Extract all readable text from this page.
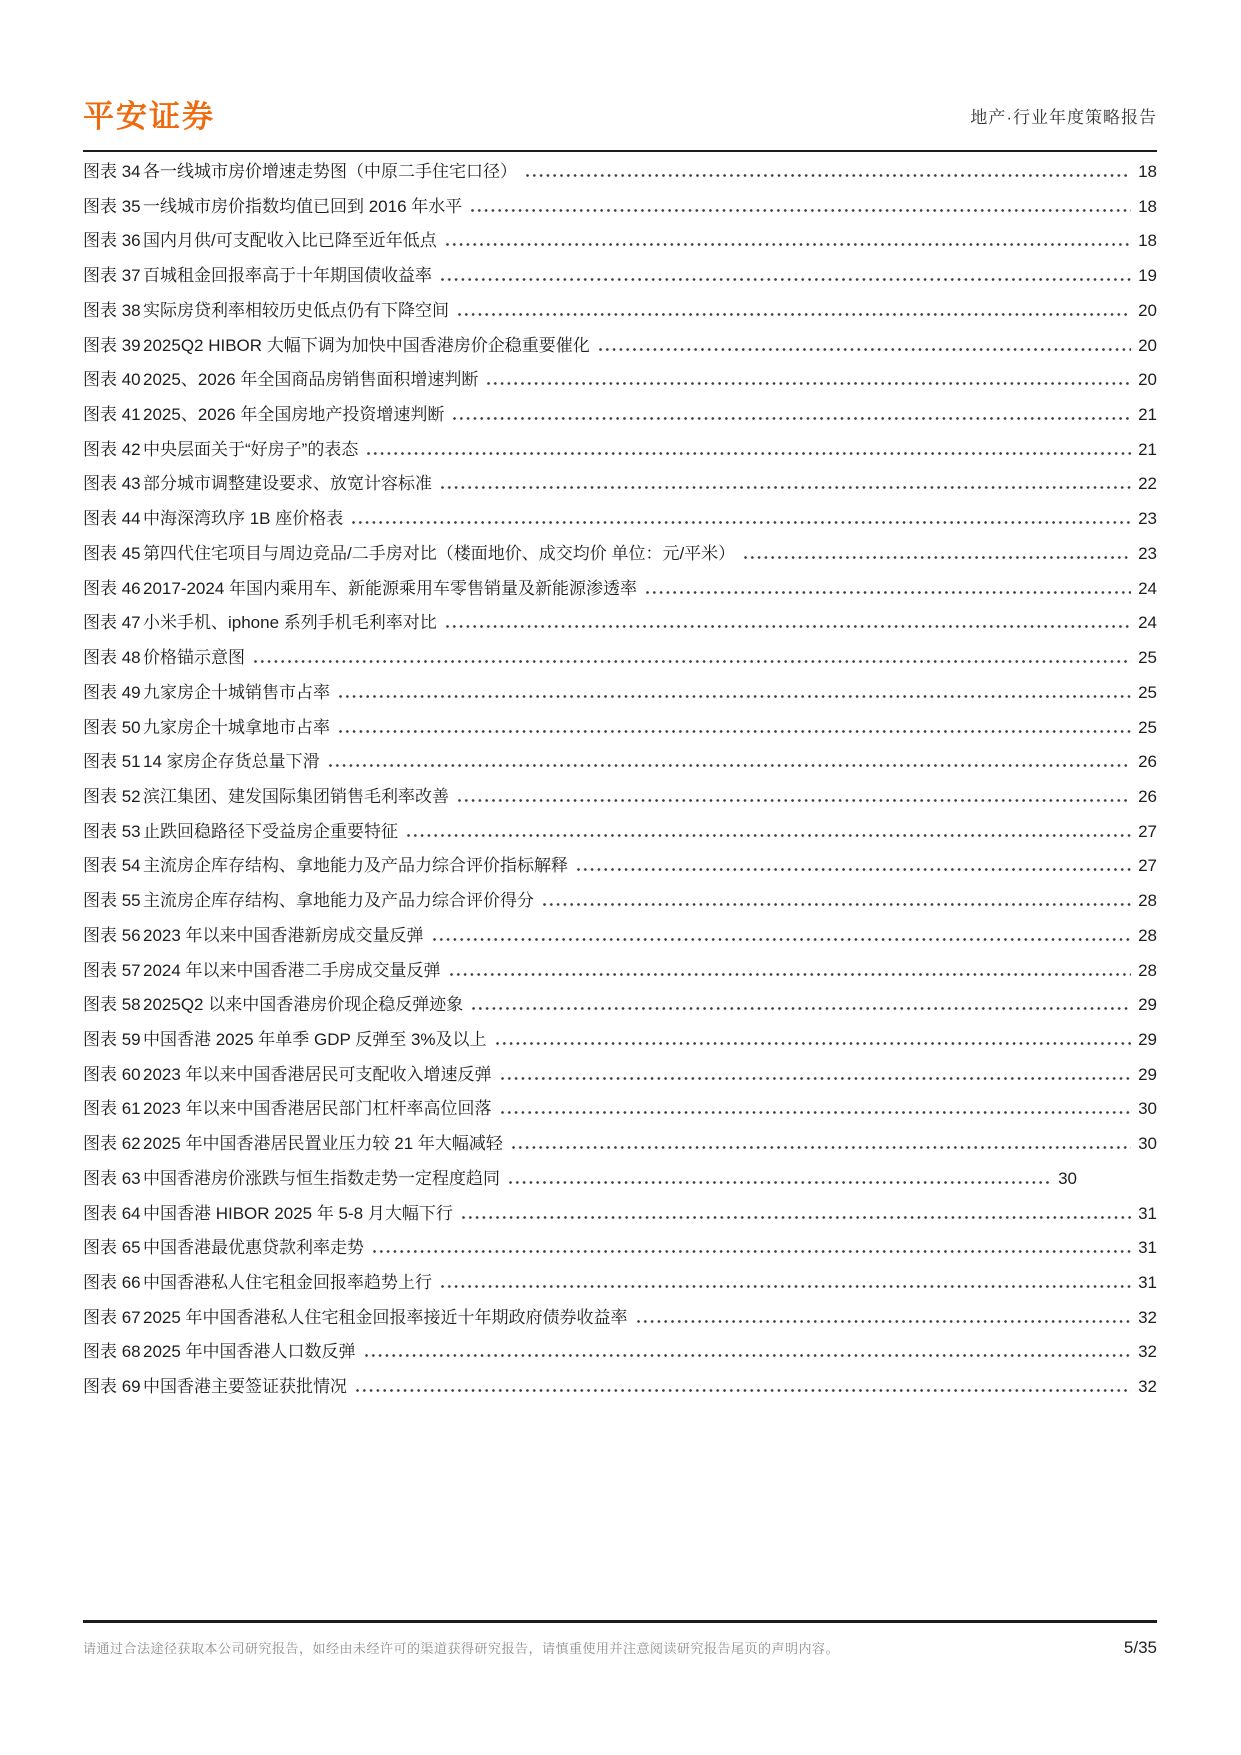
平安证券	地产·行业年度策略报告
图表 34 各一线城市房价增速走势图（中原二手住宅口径）	18
图表 35 一线城市房价指数均值已回到 2016 年水平	18
图表 36 国内月供/可支配收入比已降至近年低点	18
图表 37 百城租金回报率高于十年期国债收益率	19
图表 38 实际房贷利率相较历史低点仍有下降空间	20
图表 39 2025Q2 HIBOR 大幅下调为加快中国香港房价企稳重要催化	20
图表 40 2025、2026 年全国商品房销售面积增速判断	20
图表 41 2025、2026 年全国房地产投资增速判断	21
图表 42 中央层面关于“好房子”的表态	21
图表 43 部分城市调整建设要求、放宽计容标准	22
图表 44 中海深湾玖序 1B 座价格表	23
图表 45 第四代住宅项目与周边竞品/二手房对比（楼面地价、成交均价 单位：元/平米）	23
图表 46 2017-2024 年国内乘用车、新能源乘用车零售销量及新能源渗透率	24
图表 47 小米手机、iphone 系列手机毛利率对比	24
图表 48 价格锚示意图	25
图表 49 九家房企十城销售市占率	25
图表 50 九家房企十城拿地市占率	25
图表 51 14 家房企存货总量下滑	26
图表 52 滨江集团、建发国际集团销售毛利率改善	26
图表 53 止跌回稳路径下受益房企重要特征	27
图表 54 主流房企库存结构、拿地能力及产品力综合评价指标解释	27
图表 55 主流房企库存结构、拿地能力及产品力综合评价得分	28
图表 56 2023 年以来中国香港新房成交量反弹	28
图表 57 2024 年以来中国香港二手房成交量反弹	28
图表 58 2025Q2 以来中国香港房价现企稳反弹迹象	29
图表 59 中国香港 2025 年单季 GDP 反弹至 3%及以上	29
图表 60 2023 年以来中国香港居民可支配收入增速反弹	29
图表 61 2023 年以来中国香港居民部门杠杆率高位回落	30
图表 62 2025 年中国香港居民置业压力较 21 年大幅减轻	30
图表 63 中国香港房价涨跌与恒生指数走势一定程度趋同	30
图表 64 中国香港 HIBOR 2025 年 5-8 月大幅下行	31
图表 65 中国香港最优惠贷款利率走势	31
图表 66 中国香港私人住宅租金回报率趋势上行	31
图表 67 2025 年中国香港私人住宅租金回报率接近十年期政府债券收益率	32
图表 68 2025 年中国香港人口数反弹	32
图表 69 中国香港主要签证获批情况	32
请通过合法途径获取本公司研究报告，如经由未经许可的渠道获得研究报告，请慎重使用并注意阅读研究报告尾页的声明内容。	5/35
